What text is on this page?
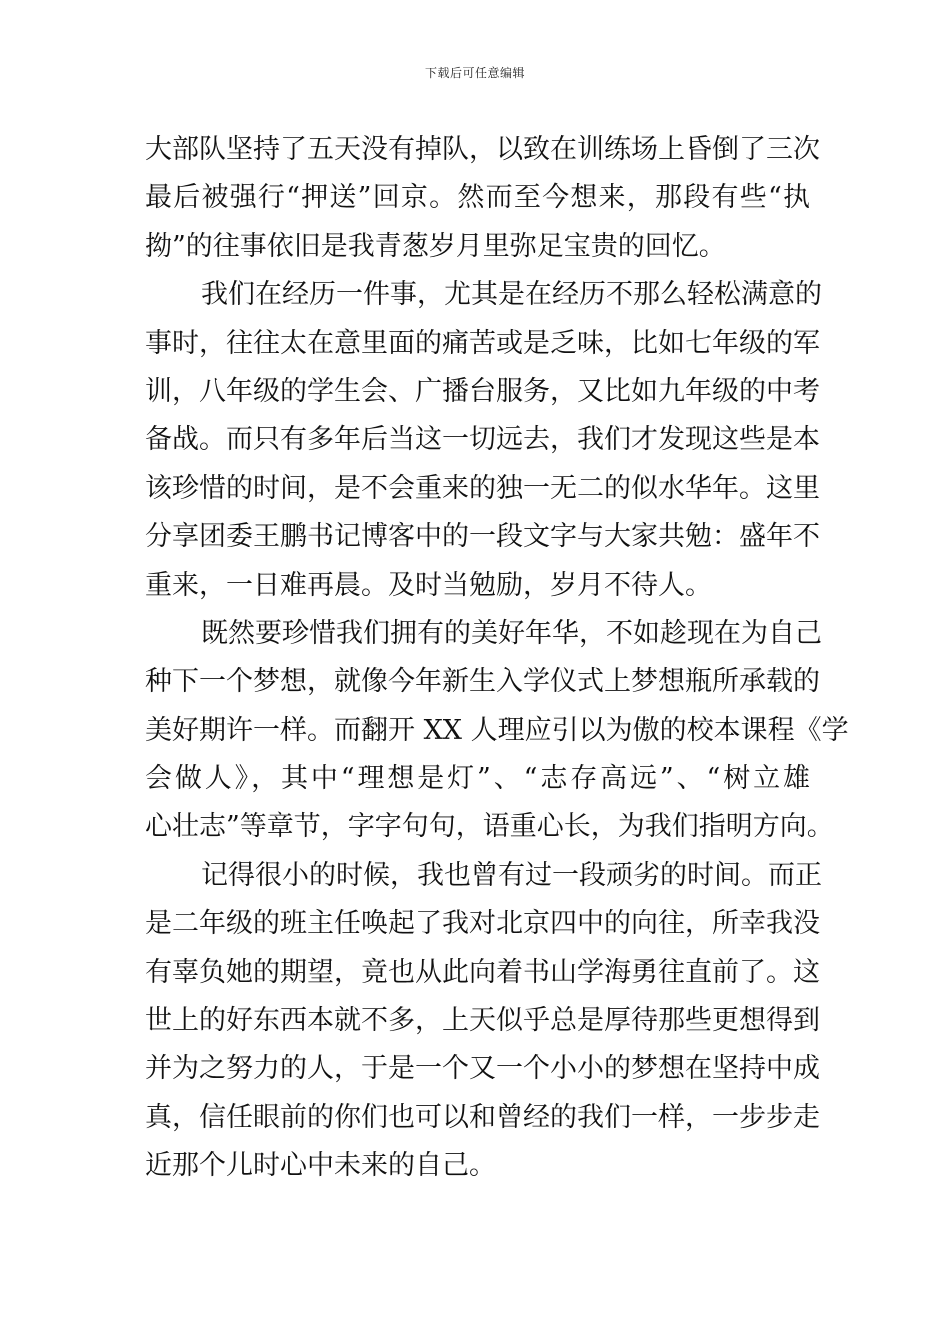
下载后可任意编辑
大部队坚持了五天没有掉队，以致在训练场上昏倒了三次
最后被强行“押送”回京。然而至今想来，那段有些“执
拗”的往事依旧是我青葱岁月里弥足宝贵的回忆。
我们在经历一件事，尤其是在经历不那么轻松满意的
事时，往往太在意里面的痛苦或是乏味，比如七年级的军
训，八年级的学生会、广播台服务，又比如九年级的中考
备战。而只有多年后当这一切远去，我们才发现这些是本
该珍惜的时间，是不会重来的独一无二的似水华年。这里
分享团委王鹏书记博客中的一段文字与大家共勉：盛年不
重来，一日难再晨。及时当勉励，岁月不待人。
既然要珍惜我们拥有的美好年华，不如趁现在为自己
种下一个梦想，就像今年新生入学仪式上梦想瓶所承载的
美好期许一样。而翻开 XX 人理应引以为傲的校本课程《学
会做人》，其中“理想是灯”、“志存高远”、“树立雄
心壮志”等章节，字字句句，语重心长，为我们指明方向。
记得很小的时候，我也曾有过一段顽劣的时间。而正
是二年级的班主任唤起了我对北京四中的向往，所幸我没
有辜负她的期望，竟也从此向着书山学海勇往直前了。这
世上的好东西本就不多，上天似乎总是厚待那些更想得到
并为之努力的人，于是一个又一个小小的梦想在坚持中成
真，信任眼前的你们也可以和曾经的我们一样，一步步走
近那个儿时心中未来的自己。
